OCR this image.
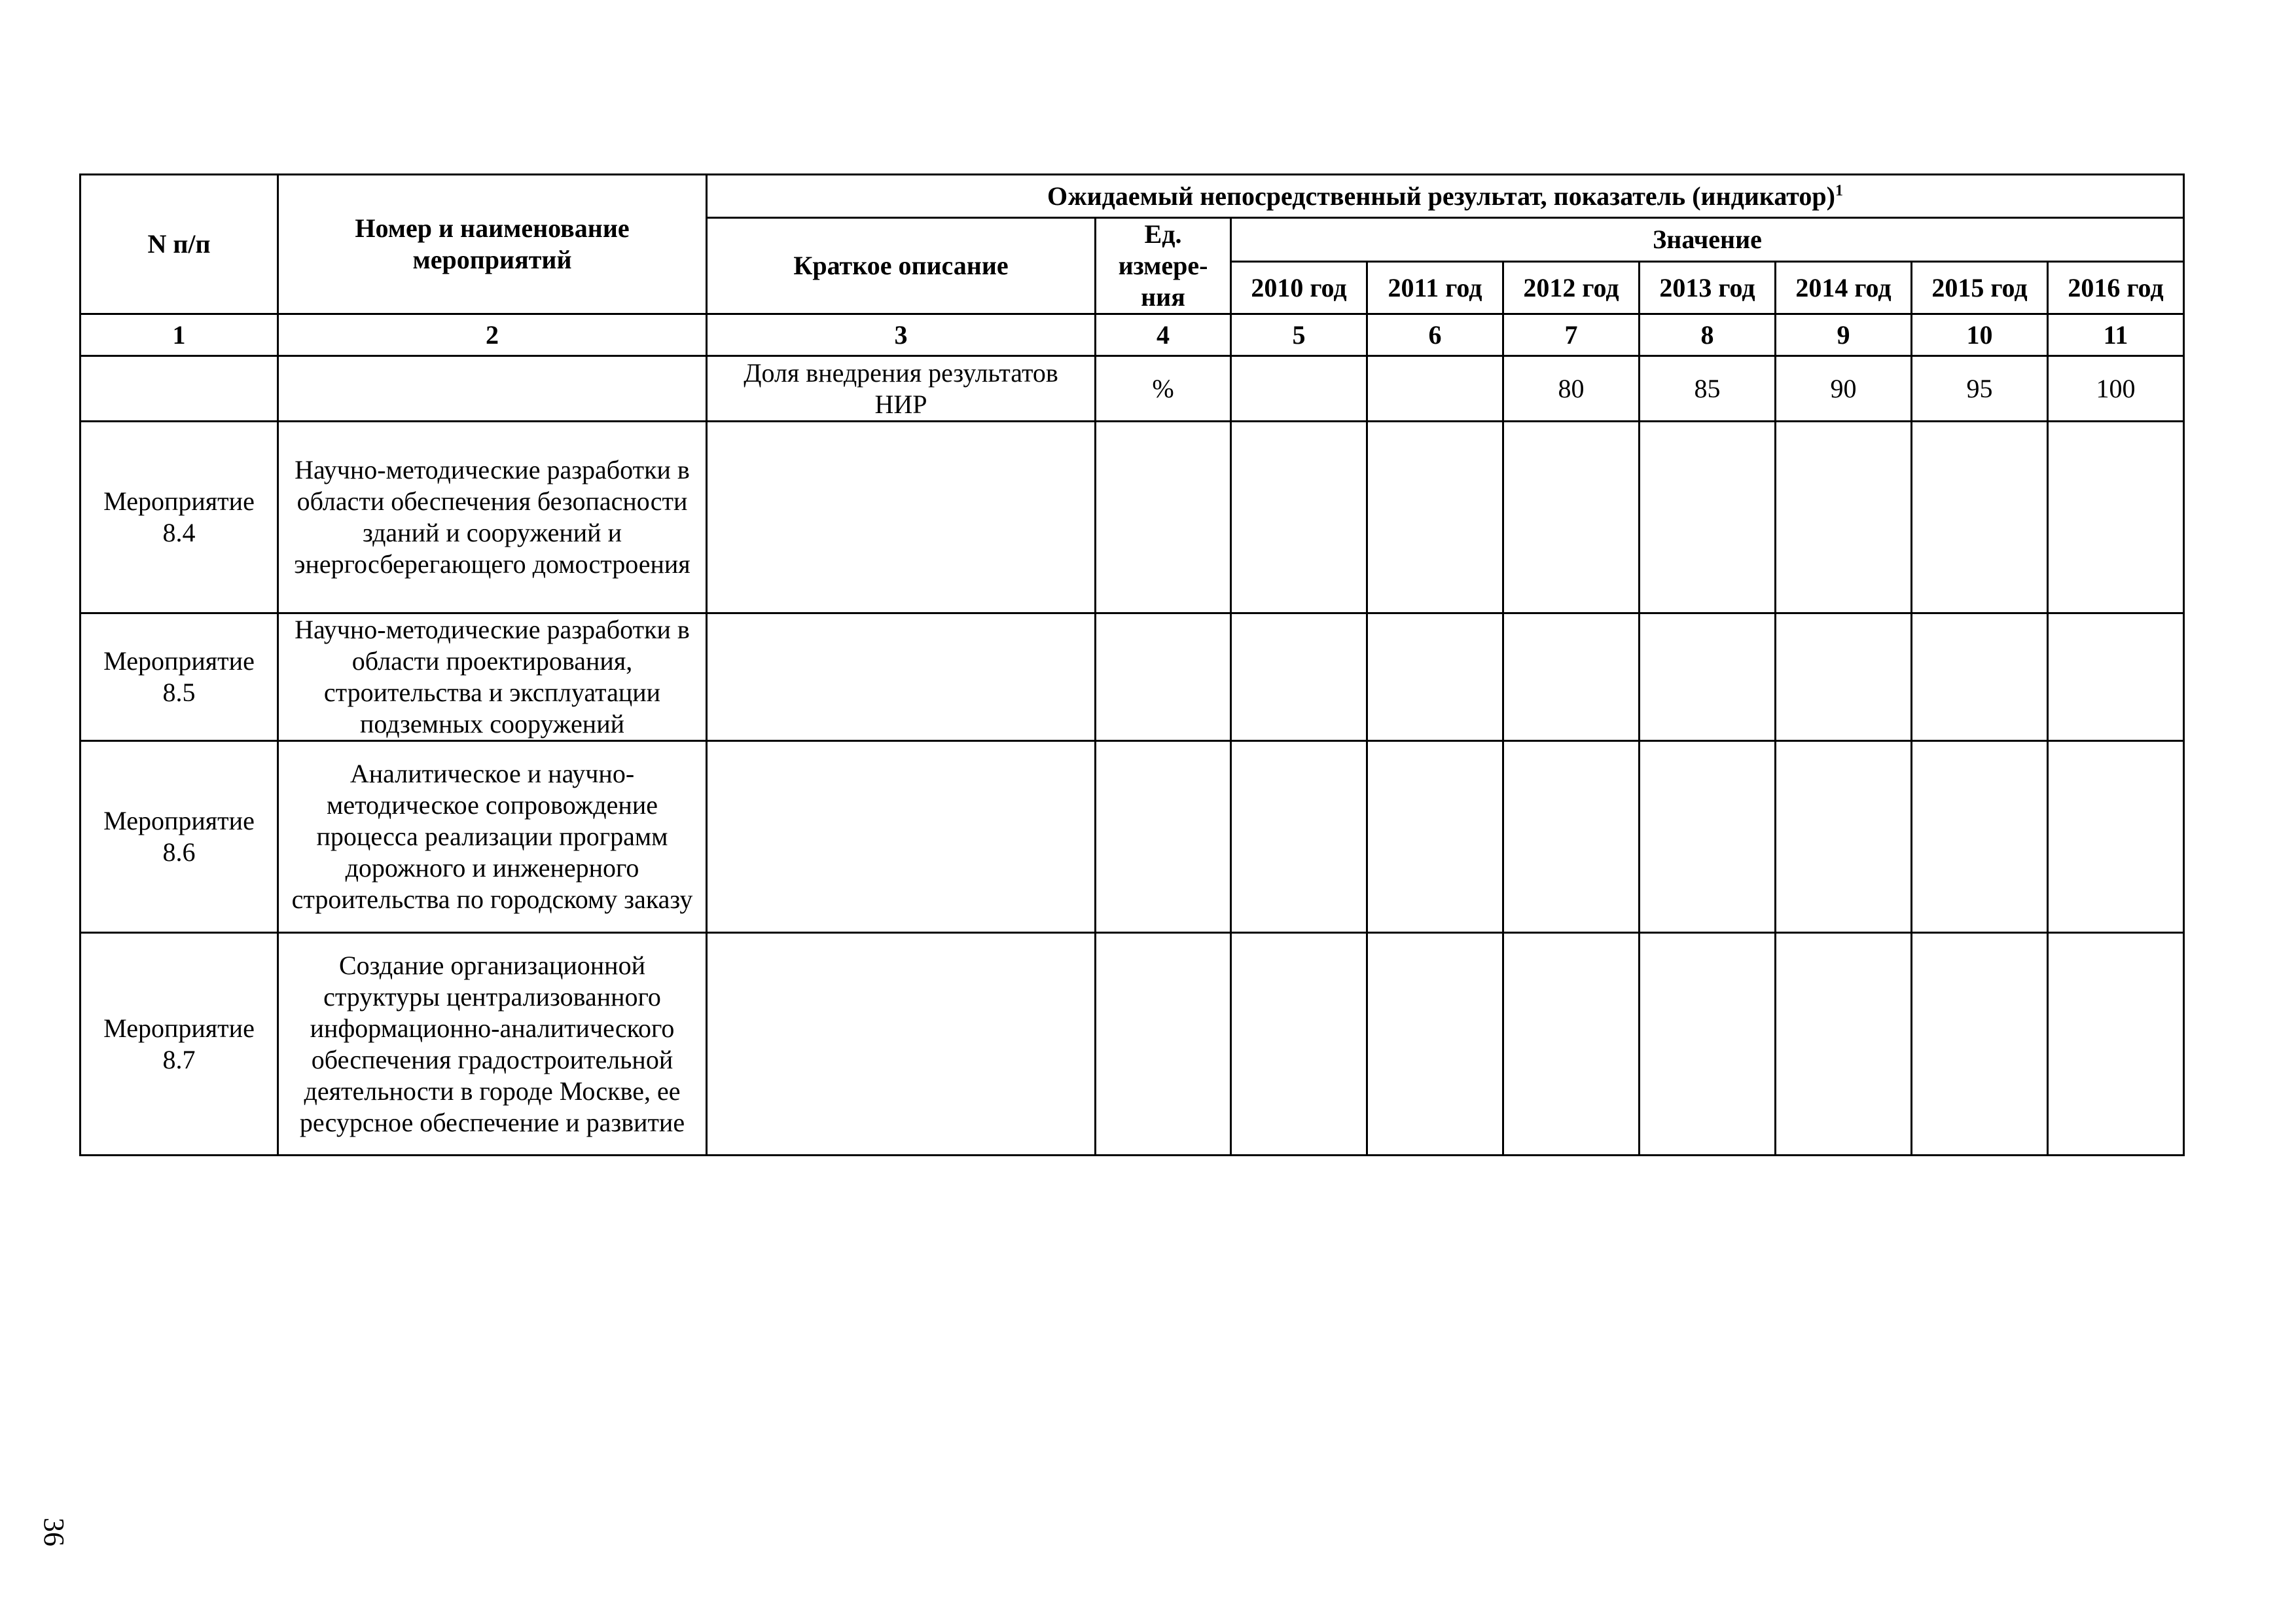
N п/п	Номер и наименование мероприятий	Ожидаемый непосредственный результат, показатель (индикатор)$^1$
		Краткое описание	Ед. измере-ния	Значение						
				2010 год	2011 год	2012 год	2013 год	2014 год	2015 год	2016 год
1	2	3	4	5	6	7	8	9	10	11
		Доля внедрения результатов НИР	%			80	85	90	95	100
Мероприятие 8.4	Научно-методические разработки в области обеспечения безопасности зданий и сооружений и энергосберегающего домостроения									
Мероприятие 8.5	Научно-методические разработки в области проектирования, строительства и эксплуатации подземных сооружений									
Мероприятие 8.6	Аналитическое и научно-методическое сопровождение процесса реализации программ дорожного и инженерного строительства по городскому заказу									
Мероприятие 8.7	Создание организационной структуры централизованного информационно-аналитического обеспечения градостроительной деятельности в городе Москве, ее ресурсное обеспечение и развитие									
36
